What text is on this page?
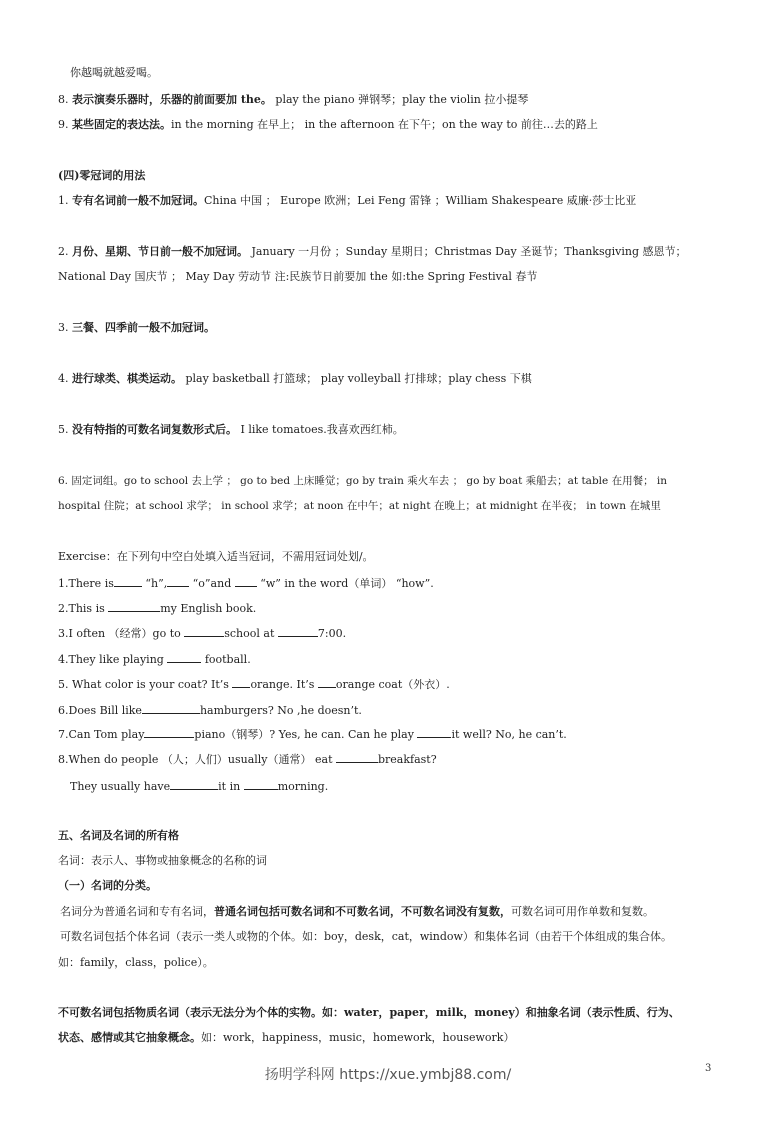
你越喝就越爱喝。
8. 表示演奏乐器时，乐器的前面要加 the。 play the piano 弹钢琴；play the violin 拉小提琴
9. 某些固定的表达法。in the morning 在早上； in the afternoon 在下午；on the way to 前往…去的路上
(四)零冠词的用法
1. 专有名词前一般不加冠词。China 中国 ； Europe 欧洲；Lei Feng 雷锋 ；William Shakespeare 威廉·莎士比亚
2. 月份、星期、节日前一般不加冠词。 January 一月份 ；Sunday 星期日；Christmas Day 圣诞节；Thanksgiving 感恩节；
National Day 国庆节 ； May Day 劳动节 注:民族节日前要加 the 如:the Spring Festival 春节
3. 三餐、四季前一般不加冠词。
4. 进行球类、棋类运动。 play basketball 打篮球； play volleyball 打排球；play chess 下棋
5. 没有特指的可数名词复数形式后。 I like tomatoes.我喜欢西红柿。
6. 固定词组。go to school 去上学 ； go to bed 上床睡觉；go by train 乘火车去 ； go by boat 乘船去；at table 在用餐； in
hospital 住院；at school 求学； in school 求学；at noon 在中午；at night 在晚上；at midnight 在半夜； in town 在城里
Exercise：在下列句中空白处填入适当冠词，不需用冠词处划/。
1.There is	“h”, “o”and  “w” in the word（单词） “how”.
2.This is	my English book.
3.I often （经常）go to	school at	7:00.
4.They like playing	football.
5. What color is your coat? It’s orange. It’s orange coat（外衣）.
6.Does Bill like	hamburgers? No ,he doesn’t.
7.Can Tom play	piano（钢琴）? Yes, he can. Can he play	it well? No, he can’t.
8.When do people （人；人们）usually（通常） eat	breakfast?
They usually have	it in	morning.
五、名词及名词的所有格
名词：表示人、事物或抽象概念的名称的词
（一）名词的分类。
名词分为普通名词和专有名词，普通名词包括可数名词和不可数名词，不可数名词没有复数，可数名词可用作单数和复数。
可数名词包括个体名词（表示一类人或物的个体。如：boy，desk，cat，window）和集体名词（由若干个体组成的集合体。
如：family，class，police）。
不可数名词包括物质名词（表示无法分为个体的实物。如：water，paper，milk，money）和抽象名词（表示性质、行为、
状态、感情或其它抽象概念。如：work，happiness，music，homework，housework）
3
扬明学科网 https://xue.ymbj88.com/
